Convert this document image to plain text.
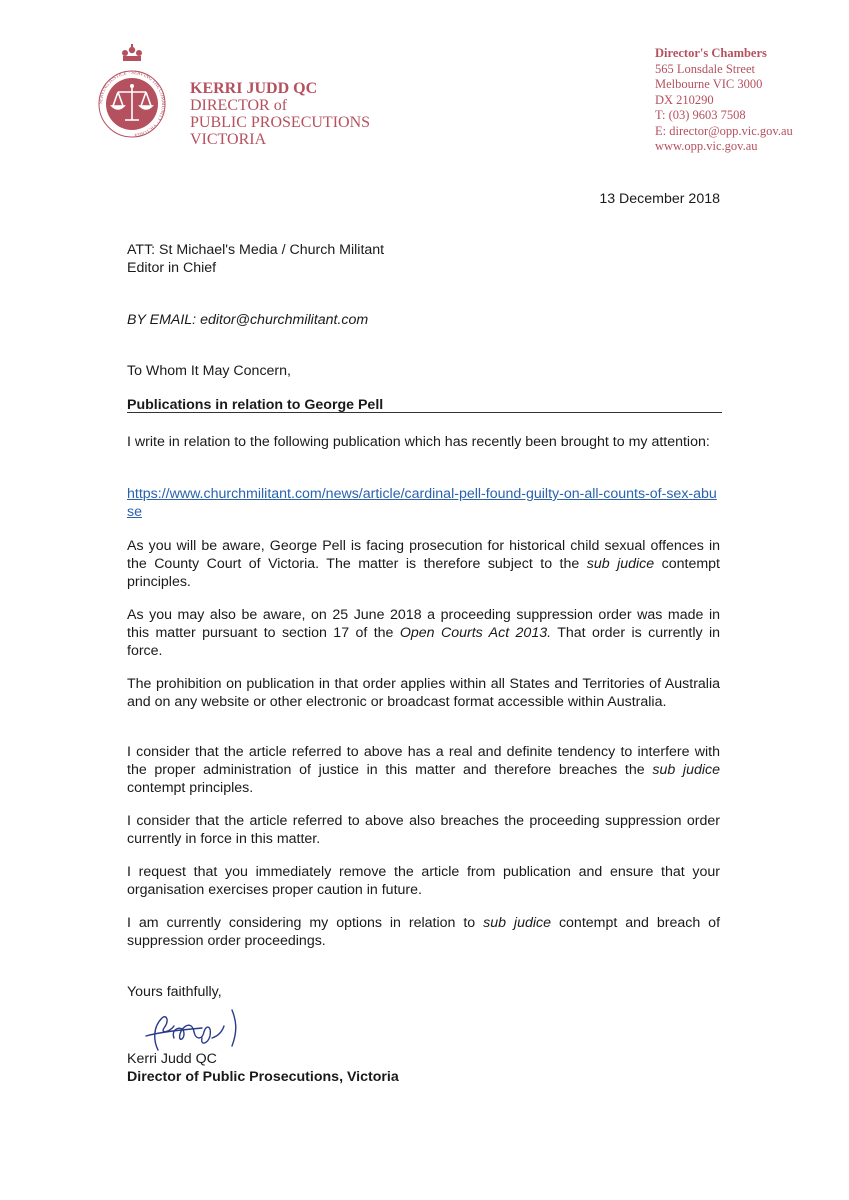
SERVING JUSTICE · SERVING THE COMMUNITY · VICTORIA
KERRI JUDD QC
DIRECTOR of
PUBLIC PROSECUTIONS
VICTORIA
Director's Chambers
565 Lonsdale Street
Melbourne VIC 3000
DX 210290
T: (03) 9603 7508
E: director@opp.vic.gov.au
www.opp.vic.gov.au
13 December 2018
ATT: St Michael's Media / Church Militant
Editor in Chief
BY EMAIL: editor@churchmilitant.com
To Whom It May Concern,
Publications in relation to George Pell
I write in relation to the following publication which has recently been brought to my attention:
https://www.churchmilitant.com/news/article/cardinal-pell-found-guilty-on-all-counts-of-sex-abuse
As you will be aware, George Pell is facing prosecution for historical child sexual offences in the County Court of Victoria. The matter is therefore subject to the sub judice contempt principles.
As you may also be aware, on 25 June 2018 a proceeding suppression order was made in this matter pursuant to section 17 of the Open Courts Act 2013. That order is currently in force.
The prohibition on publication in that order applies within all States and Territories of Australia and on any website or other electronic or broadcast format accessible within Australia.
I consider that the article referred to above has a real and definite tendency to interfere with the proper administration of justice in this matter and therefore breaches the sub judice contempt principles.
I consider that the article referred to above also breaches the proceeding suppression order currently in force in this matter.
I request that you immediately remove the article from publication and ensure that your organisation exercises proper caution in future.
I am currently considering my options in relation to sub judice contempt and breach of suppression order proceedings.
Yours faithfully,
Kerri Judd QC
Director of Public Prosecutions, Victoria
